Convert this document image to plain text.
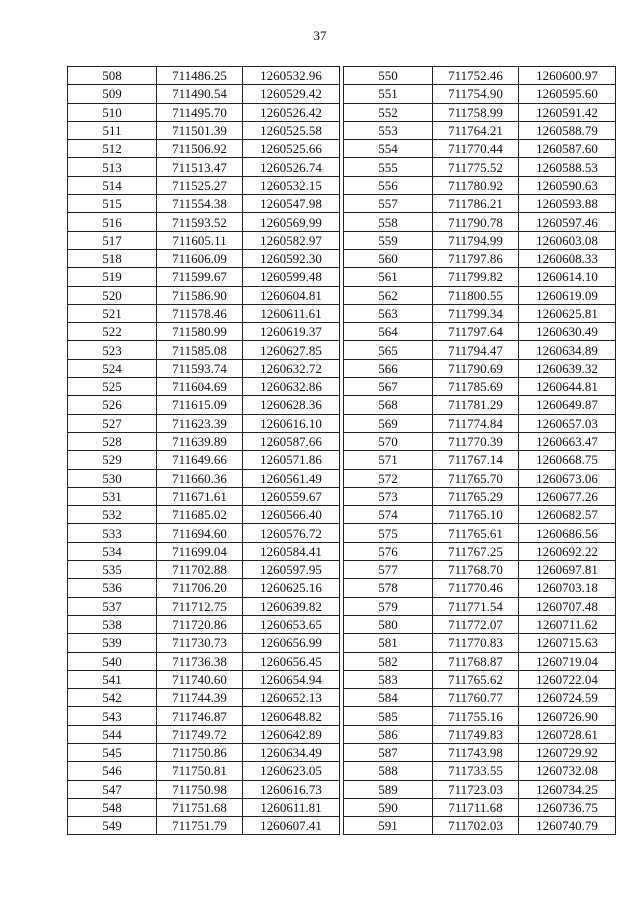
37
508	711486.25	1260532.96
509	711490.54	1260529.42
510	711495.70	1260526.42
511	711501.39	1260525.58
512	711506.92	1260525.66
513	711513.47	1260526.74
514	711525.27	1260532.15
515	711554.38	1260547.98
516	711593.52	1260569.99
517	711605.11	1260582.97
518	711606.09	1260592.30
519	711599.67	1260599.48
520	711586.90	1260604.81
521	711578.46	1260611.61
522	711580.99	1260619.37
523	711585.08	1260627.85
524	711593.74	1260632.72
525	711604.69	1260632.86
526	711615.09	1260628.36
527	711623.39	1260616.10
528	711639.89	1260587.66
529	711649.66	1260571.86
530	711660.36	1260561.49
531	711671.61	1260559.67
532	711685.02	1260566.40
533	711694.60	1260576.72
534	711699.04	1260584.41
535	711702.88	1260597.95
536	711706.20	1260625.16
537	711712.75	1260639.82
538	711720.86	1260653.65
539	711730.73	1260656.99
540	711736.38	1260656.45
541	711740.60	1260654.94
542	711744.39	1260652.13
543	711746.87	1260648.82
544	711749.72	1260642.89
545	711750.86	1260634.49
546	711750.81	1260623.05
547	711750.98	1260616.73
548	711751.68	1260611.81
549	711751.79	1260607.41
550	711752.46	1260600.97
551	711754.90	1260595.60
552	711758.99	1260591.42
553	711764.21	1260588.79
554	711770.44	1260587.60
555	711775.52	1260588.53
556	711780.92	1260590.63
557	711786.21	1260593.88
558	711790.78	1260597.46
559	711794.99	1260603.08
560	711797.86	1260608.33
561	711799.82	1260614.10
562	711800.55	1260619.09
563	711799.34	1260625.81
564	711797.64	1260630.49
565	711794.47	1260634.89
566	711790.69	1260639.32
567	711785.69	1260644.81
568	711781.29	1260649.87
569	711774.84	1260657.03
570	711770.39	1260663.47
571	711767.14	1260668.75
572	711765.70	1260673.06
573	711765.29	1260677.26
574	711765.10	1260682.57
575	711765.61	1260686.56
576	711767.25	1260692.22
577	711768.70	1260697.81
578	711770.46	1260703.18
579	711771.54	1260707.48
580	711772.07	1260711.62
581	711770.83	1260715.63
582	711768.87	1260719.04
583	711765.62	1260722.04
584	711760.77	1260724.59
585	711755.16	1260726.90
586	711749.83	1260728.61
587	711743.98	1260729.92
588	711733.55	1260732.08
589	711723.03	1260734.25
590	711711.68	1260736.75
591	711702.03	1260740.79
